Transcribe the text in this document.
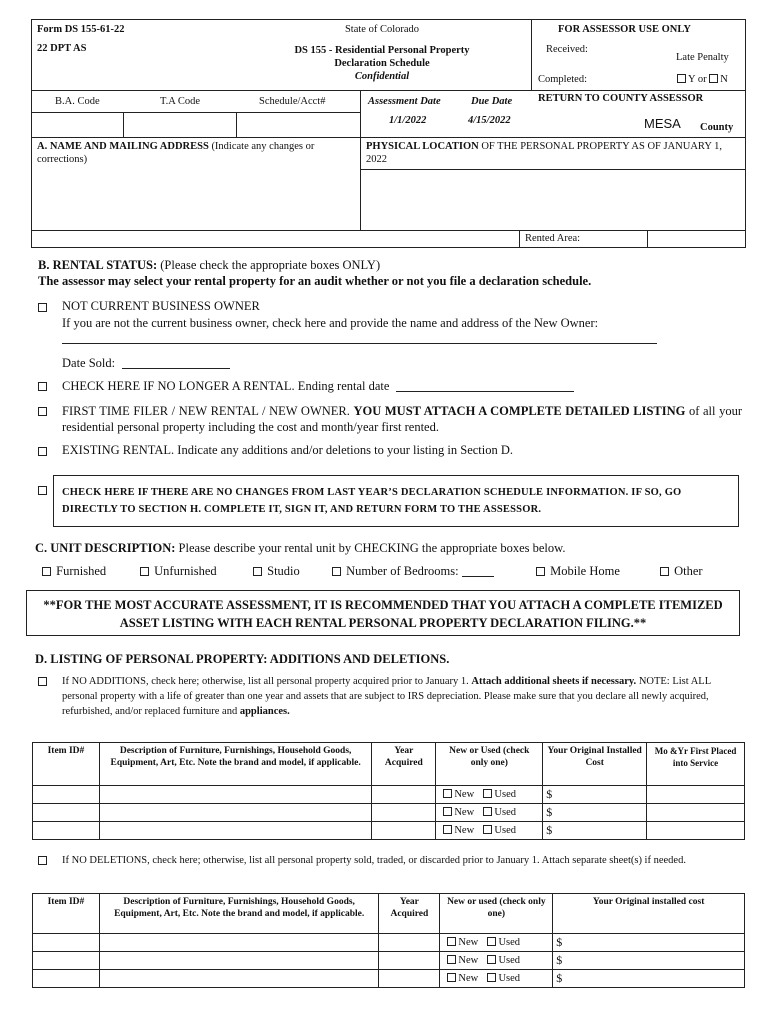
Form DS 155-61-22
22 DPT AS
State of Colorado
DS 155 - Residential Personal Property
Declaration Schedule
Confidential
FOR ASSESSOR USE ONLY
Received:
Late Penalty
Completed:	Y or N
B.A. Code	T.A Code	Schedule/Acct#	Assessment Date	Due Date
1/1/2022	4/15/2022
RETURN TO COUNTY ASSESSOR
MESA County
A. NAME AND MAILING ADDRESS (Indicate any changes or corrections)
PHYSICAL LOCATION OF THE PERSONAL PROPERTY AS OF JANUARY 1, 2022
Rented Area:
B. RENTAL STATUS: (Please check the appropriate boxes ONLY)
The assessor may select your rental property for an audit whether or not you file a declaration schedule.
NOT CURRENT BUSINESS OWNER
If you are not the current business owner, check here and provide the name and address of the New Owner:
Date Sold:
CHECK HERE IF NO LONGER A RENTAL. Ending rental date
FIRST TIME FILER / NEW RENTAL / NEW OWNER. YOU MUST ATTACH A COMPLETE DETAILED LISTING of all your residential personal property including the cost and month/year first rented.
EXISTING RENTAL. Indicate any additions and/or deletions to your listing in Section D.
CHECK HERE IF THERE ARE NO CHANGES FROM LAST YEAR’S DECLARATION SCHEDULE INFORMATION. IF SO, GO DIRECTLY TO SECTION H. COMPLETE IT, SIGN IT, AND RETURN FORM TO THE ASSESSOR.
C. UNIT DESCRIPTION: Please describe your rental unit by CHECKING the appropriate boxes below.
Furnished	Unfurnished	Studio	Number of Bedrooms:	Mobile Home	Other
**FOR THE MOST ACCURATE ASSESSMENT, IT IS RECOMMENDED THAT YOU ATTACH A COMPLETE ITEMIZED ASSET LISTING WITH EACH RENTAL PERSONAL PROPERTY DECLARATION FILING.**
D. LISTING OF PERSONAL PROPERTY: ADDITIONS AND DELETIONS.
If NO ADDITIONS, check here; otherwise, list all personal property acquired prior to January 1. Attach additional sheets if necessary. NOTE: List ALL personal property with a life of greater than one year and assets that are subject to IRS depreciation. Please make sure that you declare all newly acquired, refurbished, and/or replaced furniture and appliances.
Item ID#	Description of Furniture, Furnishings, Household Goods, Equipment, Art, Etc. Note the brand and model, if applicable.	Year Acquired	New or Used (check only one)	Your Original Installed Cost	Mo &Yr First Placed into Service
			New Used	$	
			New Used	$	
			New Used	$	
If NO DELETIONS, check here; otherwise, list all personal property sold, traded, or discarded prior to January 1. Attach separate sheet(s) if needed.
Item ID#	Description of Furniture, Furnishings, Household Goods, Equipment, Art, Etc. Note the brand and model, if applicable.	Year Acquired	New or used (check only one)	Your Original installed cost
			New Used	$
			New Used	$
			New Used	$
